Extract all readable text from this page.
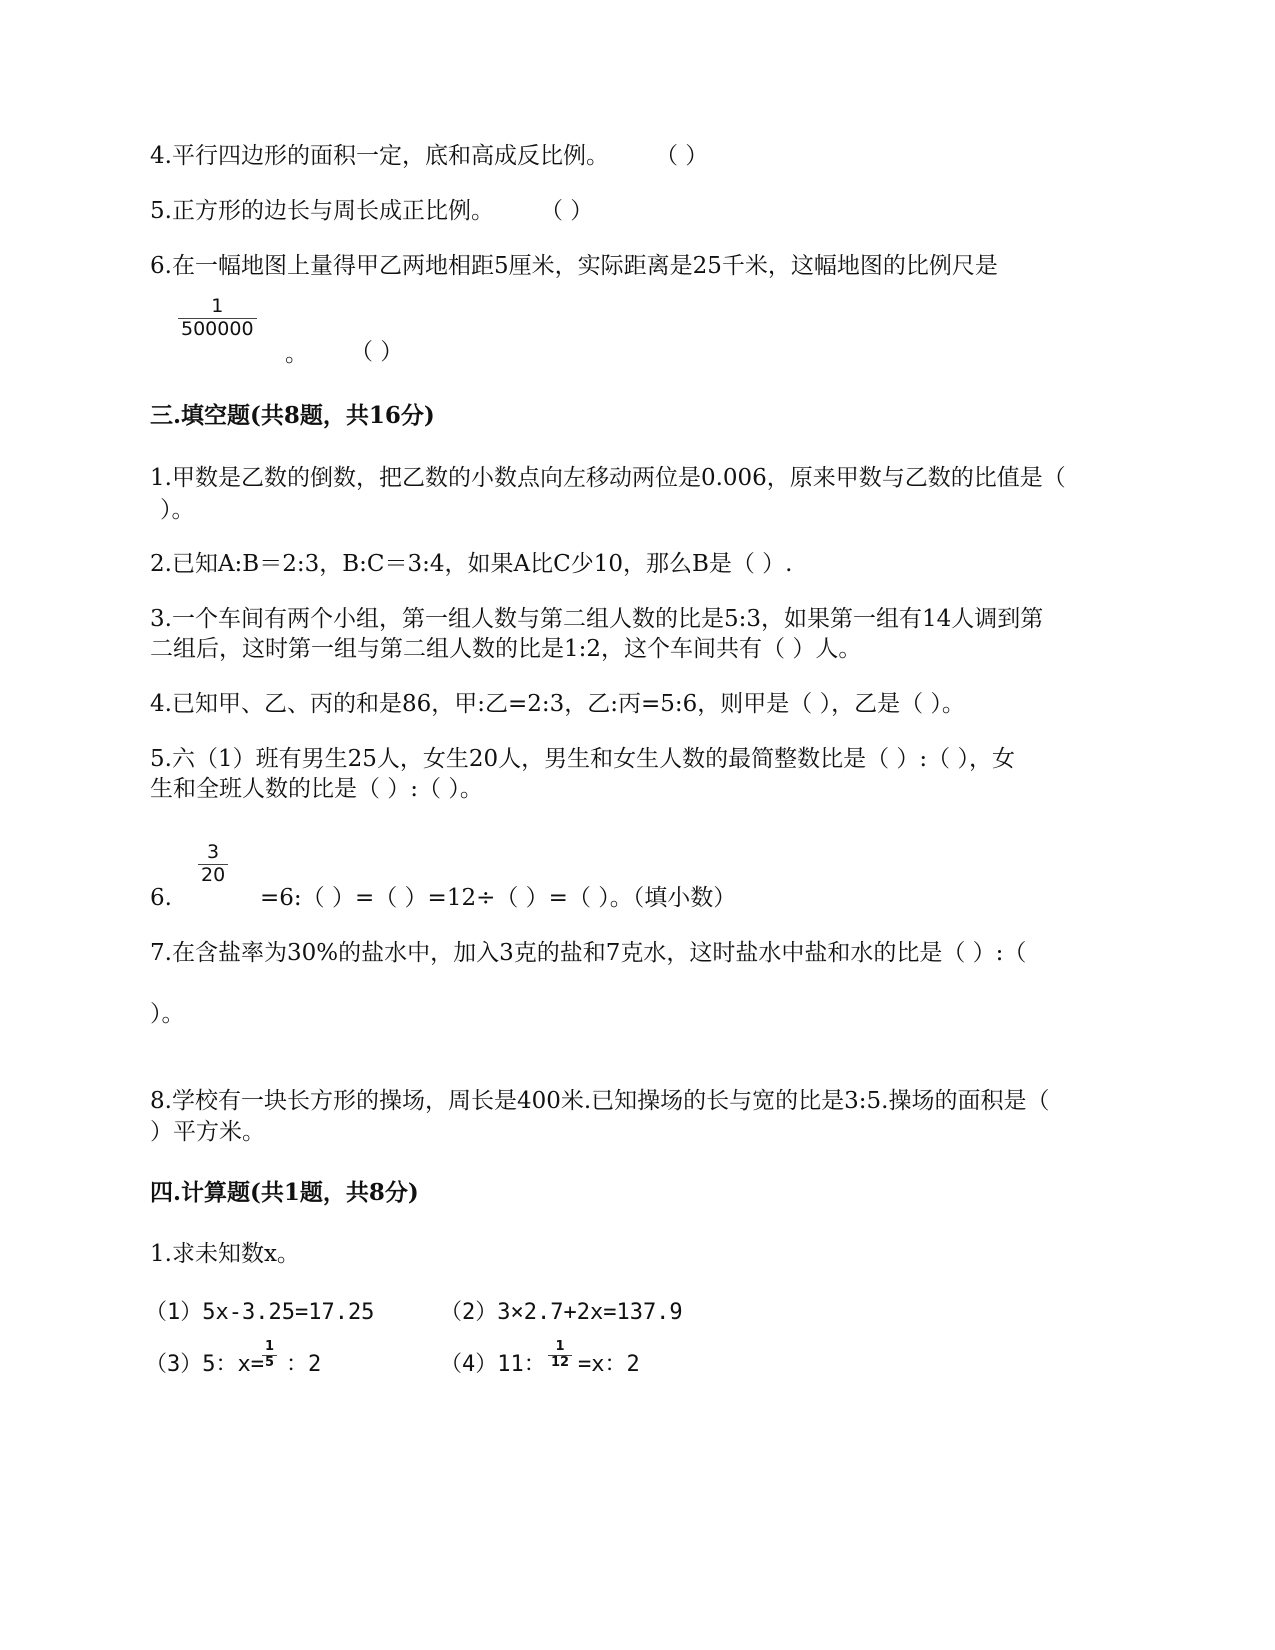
4.平行四边形的面积一定，底和高成反比例。 （ ）
5.正方形的边长与周长成正比例。 （ ）
6.在一幅地图上量得甲乙两地相距5厘米，实际距离是25千米，这幅地图的比例尺是
1
500000
。 （ ）
三.填空题(共8题，共16分)
1.甲数是乙数的倒数，把乙数的小数点向左移动两位是0.006，原来甲数与乙数的比值是（
）。
2.已知A:B＝2:3，B:C＝3:4，如果A比C少10，那么B是（ ）.
3.一个车间有两个小组，第一组人数与第二组人数的比是5:3，如果第一组有14人调到第
二组后，这时第一组与第二组人数的比是1:2，这个车间共有（ ）人。
4.已知甲、乙、丙的和是86，甲:乙=2:3，乙:丙=5:6，则甲是（ ），乙是（ ）。
5.六（1）班有男生25人，女生20人，男生和女生人数的最简整数比是（ ）:（ ），女
生和全班人数的比是（ ）:（ ）。
6.
3
20
=6:（ ）=（ ）=12÷（ ）=（ ）。（填小数）
7.在含盐率为30%的盐水中，加入3克的盐和7克水，这时盐水中盐和水的比是（ ）:（
）。
8.学校有一块长方形的操场，周长是400米.已知操场的长与宽的比是3:5.操场的面积是（
）平方米。
四.计算题(共1题，共8分)
1.求未知数x。
（1）5x-3.25=17.25	（2）3×2.7+2x=137.9
（3）5：x=
1
5 ：2	（4）11：
1
12 =x：2
